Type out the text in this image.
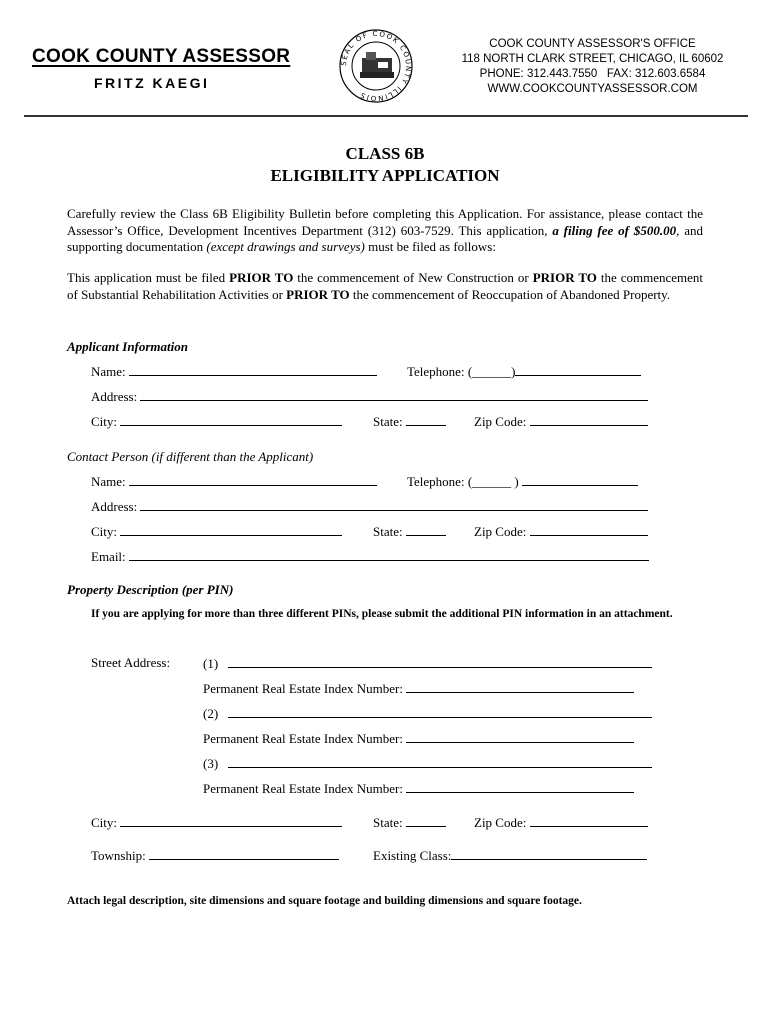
COOK COUNTY ASSESSOR
FRITZ KAEGI
SEAL OF COOK COUNTY ILLINOIS
COOK COUNTY ASSESSOR'S OFFICE
118 NORTH CLARK STREET, CHICAGO, IL 60602
PHONE: 312.443.7550   FAX: 312.603.6584
WWW.COOKCOUNTYASSESSOR.COM
CLASS 6B
ELIGIBILITY APPLICATION
Carefully review the Class 6B Eligibility Bulletin before completing this Application. For assistance, please contact the Assessor’s Office, Development Incentives Department (312) 603-7529. This application, a filing fee of $500.00, and supporting documentation (except drawings and surveys) must be filed as follows:
This application must be filed PRIOR TO the commencement of New Construction or PRIOR TO the commencement of Substantial Rehabilitation Activities or PRIOR TO the commencement of Reoccupation of Abandoned Property.
Applicant Information
Name:	Telephone: (______)
Address:
City:	State:	Zip Code:
Contact Person (if different than the Applicant)
Name:	Telephone: (______ )
Address:
City:	State:	Zip Code:
Email:
Property Description (per PIN)
If you are applying for more than three different PINs, please submit the additional PIN information in an attachment.
Street Address:	(1)
Permanent Real Estate Index Number:
(2)
Permanent Real Estate Index Number:
(3)
Permanent Real Estate Index Number:
City:	State:	Zip Code:
Township:	Existing Class:
Attach legal description, site dimensions and square footage and building dimensions and square footage.
